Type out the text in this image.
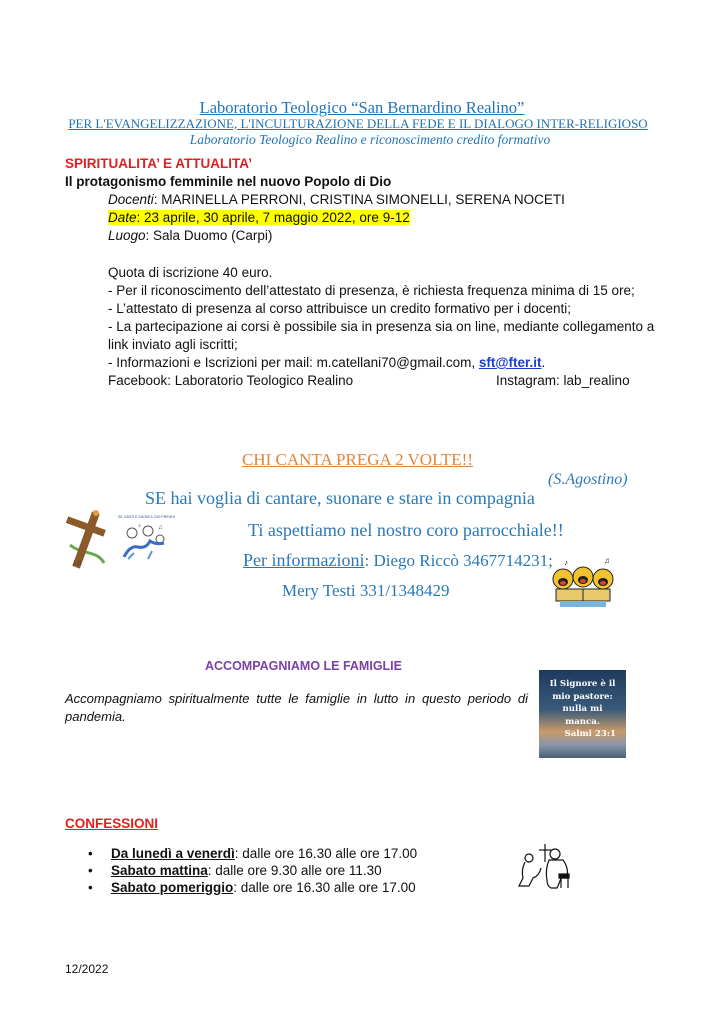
Laboratorio Teologico “San Bernardino Realino”
PER L'EVANGELIZZAZIONE, L'INCULTURAZIONE DELLA FEDE E IL DIALOGO INTER-RELIGIOSO
Laboratorio Teologico Realino e riconoscimento credito formativo
SPIRITUALITA’ E ATTUALITA’
Il protagonismo femminile nel nuovo Popolo di Dio
Docenti: MARINELLA PERRONI, CRISTINA SIMONELLI, SERENA NOCETI
Date: 23 aprile, 30 aprile, 7 maggio 2022, ore 9-12
Luogo: Sala Duomo (Carpi)
Quota di iscrizione 40 euro.
- Per il riconoscimento dell’attestato di presenza, è richiesta frequenza minima di 15 ore;
- L’attestato di presenza al corso attribuisce un credito formativo per i docenti;
- La partecipazione ai corsi è possibile sia in presenza sia on line, mediante collegamento a
link inviato agli iscritti;
- Informazioni e Iscrizioni per mail: m.catellani70@gmail.com, sft@fter.it.
Facebook: Laboratorio Teologico Realino	Instagram: lab_realino
CHI CANTA PREGA 2 VOLTE!!
(S.Agostino)
SE hai voglia di cantare, suonare e stare in compagnia
Ti aspettiamo nel nostro coro parrocchiale!!
Per informazioni: Diego Riccò 3467714231;
Mery Testi 331/1348429
♪♫
SE CANTI E SUONI IL DIO PREGHI
♪	♫
♪	♫
ACCOMPAGNIAMO LE FAMIGLIE
Accompagniamo spiritualmente tutte le famiglie in lutto in questo periodo di pandemia.
Il Signore è il
mio pastore:
nulla mi
manca.
Salmi 23:1
CONFESSIONI
• Da lunedì a venerdì: dalle ore 16.30 alle ore 17.00
• Sabato mattina: dalle ore 9.30 alle ore 11.30
• Sabato pomeriggio: dalle ore 16.30 alle ore 17.00
12/2022
